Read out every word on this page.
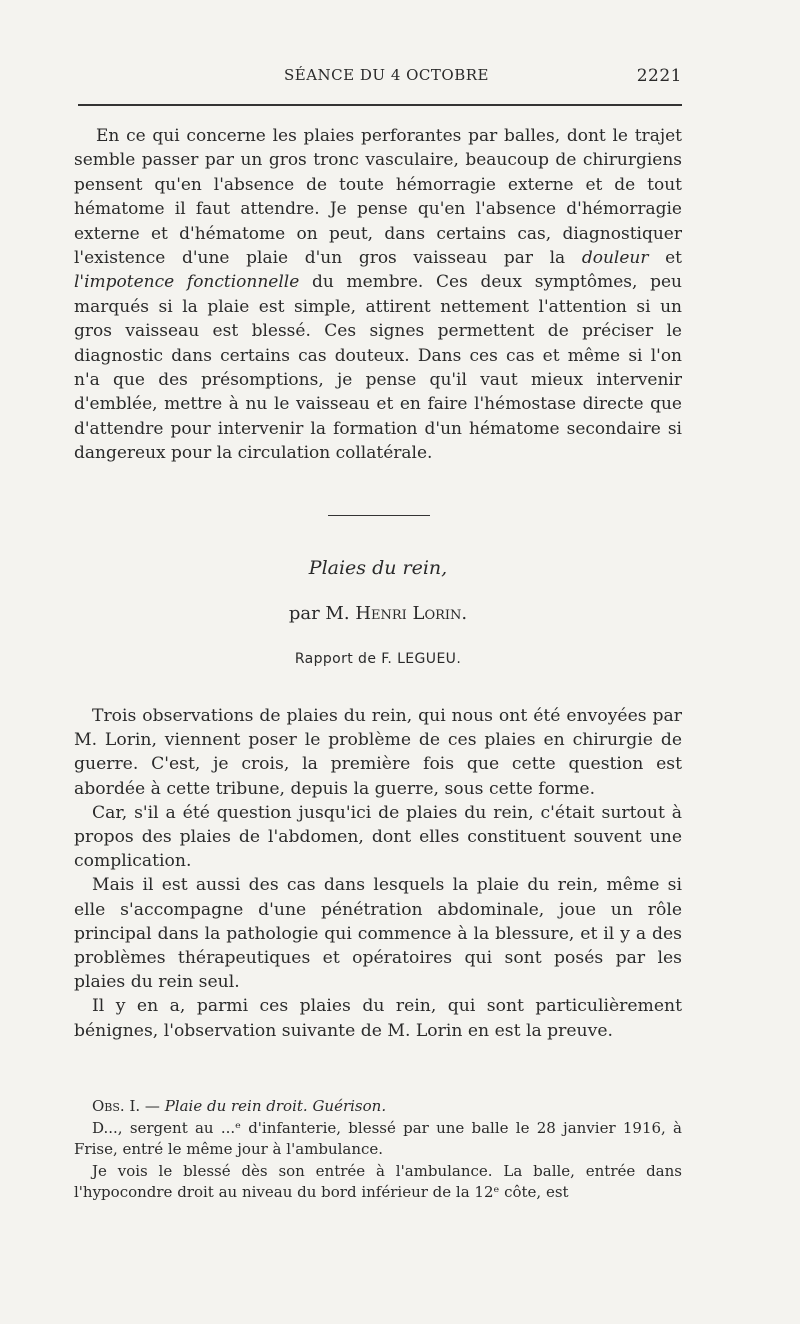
SÉANCE DU 4 OCTOBRE	2221

En ce qui concerne les plaies perforantes par balles, dont le trajet semble passer par un gros tronc vasculaire, beaucoup de chirurgiens pensent qu'en l'absence de toute hémorragie externe et de tout hématome il faut attendre. Je pense qu'en l'absence d'hémorragie externe et d'hématome on peut, dans certains cas, diagnostiquer l'existence d'une plaie d'un gros vaisseau par la douleur et l'impotence fonctionnelle du membre. Ces deux symptômes, peu marqués si la plaie est simple, attirent nettement l'attention si un gros vaisseau est blessé. Ces signes permettent de préciser le diagnostic dans certains cas douteux. Dans ces cas et même si l'on n'a que des présomptions, je pense qu'il vaut mieux intervenir d'emblée, mettre à nu le vaisseau et en faire l'hémostase directe que d'attendre pour intervenir la formation d'un hématome secondaire si dangereux pour la circulation collatérale.

Plaies du rein,
par M. Henri Lorin.
Rapport de F. LEGUEU.

Trois observations de plaies du rein, qui nous ont été envoyées par M. Lorin, viennent poser le problème de ces plaies en chirurgie de guerre. C'est, je crois, la première fois que cette question est abordée à cette tribune, depuis la guerre, sous cette forme.

Car, s'il a été question jusqu'ici de plaies du rein, c'était surtout à propos des plaies de l'abdomen, dont elles constituent souvent une complication.

Mais il est aussi des cas dans lesquels la plaie du rein, même si elle s'accompagne d'une pénétration abdominale, joue un rôle principal dans la pathologie qui commence à la blessure, et il y a des problèmes thérapeutiques et opératoires qui sont posés par les plaies du rein seul.

Il y en a, parmi ces plaies du rein, qui sont particulièrement bénignes, l'observation suivante de M. Lorin en est la preuve.

Obs. I. — Plaie du rein droit. Guérison.

D..., sergent au ...ᵉ d'infanterie, blessé par une balle le 28 janvier 1916, à Frise, entré le même jour à l'ambulance.

Je vois le blessé dès son entrée à l'ambulance. La balle, entrée dans l'hypocondre droit au niveau du bord inférieur de la 12ᵉ côte, est
